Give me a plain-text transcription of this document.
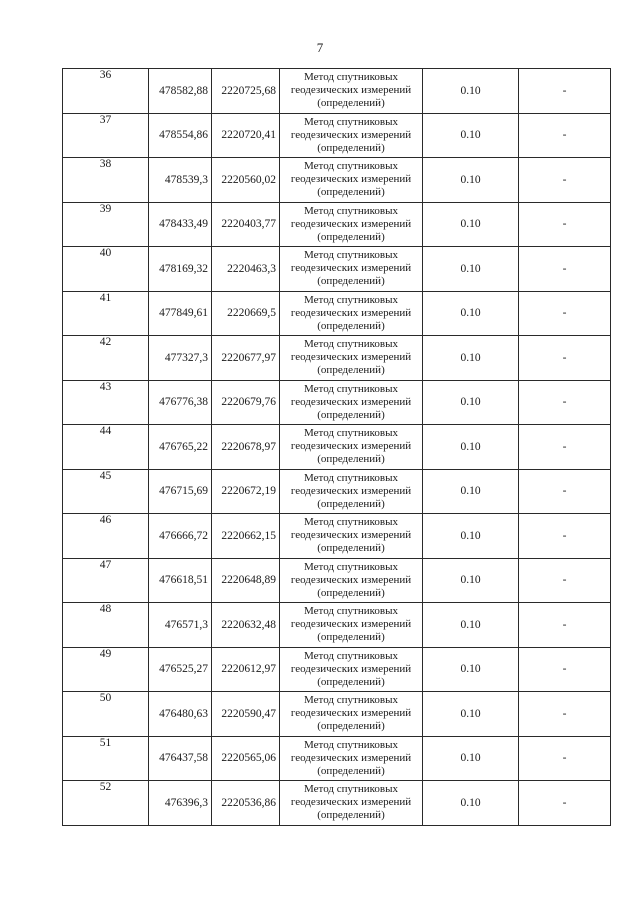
7
36	478582,88	2220725,68	Метод спутниковых геодезических измерений (определений)	0.10	-
37	478554,86	2220720,41	Метод спутниковых геодезических измерений (определений)	0.10	-
38	478539,3	2220560,02	Метод спутниковых геодезических измерений (определений)	0.10	-
39	478433,49	2220403,77	Метод спутниковых геодезических измерений (определений)	0.10	-
40	478169,32	2220463,3	Метод спутниковых геодезических измерений (определений)	0.10	-
41	477849,61	2220669,5	Метод спутниковых геодезических измерений (определений)	0.10	-
42	477327,3	2220677,97	Метод спутниковых геодезических измерений (определений)	0.10	-
43	476776,38	2220679,76	Метод спутниковых геодезических измерений (определений)	0.10	-
44	476765,22	2220678,97	Метод спутниковых геодезических измерений (определений)	0.10	-
45	476715,69	2220672,19	Метод спутниковых геодезических измерений (определений)	0.10	-
46	476666,72	2220662,15	Метод спутниковых геодезических измерений (определений)	0.10	-
47	476618,51	2220648,89	Метод спутниковых геодезических измерений (определений)	0.10	-
48	476571,3	2220632,48	Метод спутниковых геодезических измерений (определений)	0.10	-
49	476525,27	2220612,97	Метод спутниковых геодезических измерений (определений)	0.10	-
50	476480,63	2220590,47	Метод спутниковых геодезических измерений (определений)	0.10	-
51	476437,58	2220565,06	Метод спутниковых геодезических измерений (определений)	0.10	-
52	476396,3	2220536,86	Метод спутниковых геодезических измерений (определений)	0.10	-
